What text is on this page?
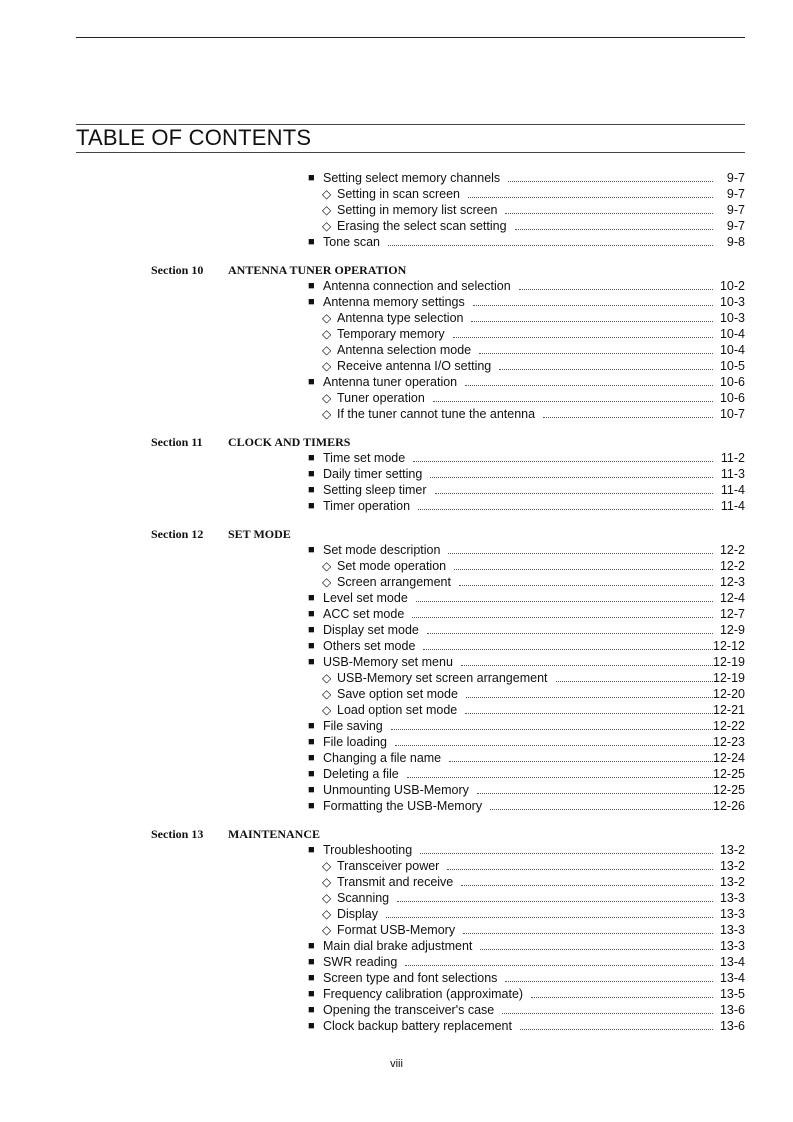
TABLE OF CONTENTS
■ Setting select memory channels	9-7
◇ Setting in scan screen	9-7
◇ Setting in memory list screen	9-7
◇ Erasing the select scan setting	9-7
■ Tone scan	9-8
Section 10 ANTENNA TUNER OPERATION
■ Antenna connection and selection	10-2
■ Antenna memory settings	10-3
◇ Antenna type selection	10-3
◇ Temporary memory	10-4
◇ Antenna selection mode	10-4
◇ Receive antenna I/O setting	10-5
■ Antenna tuner operation	10-6
◇ Tuner operation	10-6
◇ If the tuner cannot tune the antenna	10-7
Section 11 CLOCK AND TIMERS
■ Time set mode	11-2
■ Daily timer setting	11-3
■ Setting sleep timer	11-4
■ Timer operation	11-4
Section 12 SET MODE
■ Set mode description	12-2
◇ Set mode operation	12-2
◇ Screen arrangement	12-3
■ Level set mode	12-4
■ ACC set mode	12-7
■ Display set mode	12-9
■ Others set mode	12-12
■ USB-Memory set menu	12-19
◇ USB-Memory set screen arrangement	12-19
◇ Save option set mode	12-20
◇ Load option set mode	12-21
■ File saving	12-22
■ File loading	12-23
■ Changing a file name	12-24
■ Deleting a file	12-25
■ Unmounting USB-Memory	12-25
■ Formatting the USB-Memory	12-26
Section 13 MAINTENANCE
■ Troubleshooting	13-2
◇ Transceiver power	13-2
◇ Transmit and receive	13-2
◇ Scanning	13-3
◇ Display	13-3
◇ Format USB-Memory	13-3
■ Main dial brake adjustment	13-3
■ SWR reading	13-4
■ Screen type and font selections	13-4
■ Frequency calibration (approximate)	13-5
■ Opening the transceiver's case	13-6
■ Clock backup battery replacement	13-6
viii
